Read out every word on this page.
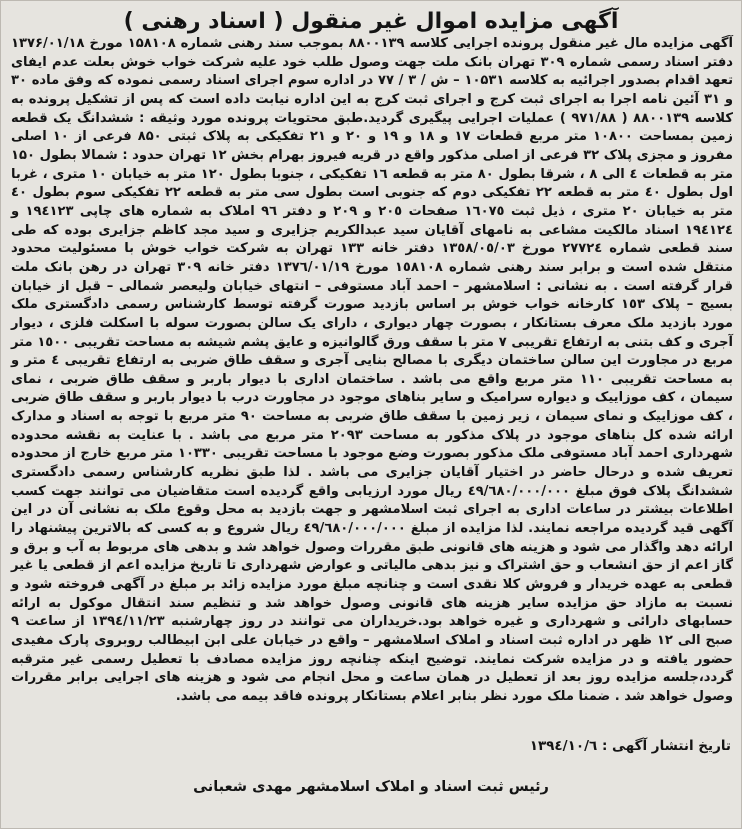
آگهی مزایده اموال غیر منقول ( اسناد رهنی )

آگهی مزایده مال غیر منقول پرونده اجرایی کلاسه ۸۸۰۰۱۳۹ بموجب سند رهنی شماره ۱۵۸۱۰۸ مورخ ۱۳۷۶/۰۱/۱۸ دفتر اسناد رسمی شماره ۳۰۹ تهران بانک ملت جهت وصول طلب خود علیه شرکت خواب خوش بعلت عدم ایفای تعهد اقدام بصدور اجرائیه به کلاسه ۱۰۵۳۱ – ش / ۳ / ۷۷ در اداره سوم اجرای اسناد رسمی نموده که وفق ماده ۳۰ و ۳۱ آئین نامه اجرا به اجرای ثبت کرج و اجرای ثبت کرج به این اداره نیابت داده است که پس از تشکیل پرونده به کلاسه ۸۸۰۰۱۳۹ ( ۹۷۱/۸۸ ) عملیات اجرایی پیگیری گردید.طبق محتویات پرونده مورد وثیقه : ششدانگ یک قطعه زمین بمساحت ۱۰۸۰۰ متر مربع قطعات ۱۷ و ۱۸ و ۱۹ و ۲۰ و ۲۱ تفکیکی به پلاک ثبتی ۸۵۰ فرعی از ۱۰ اصلی مفروز و مجزی پلاک ۳۲ فرعی از اصلی مذکور واقع در قریه فیروز بهرام بخش ۱۲ تهران حدود : شمالا بطول ۱۵۰ متر به قطعات ٤ الی ۸ ، شرقا بطول ۸۰ متر به قطعه ۱٦ تفکیکی ، جنوبا بطول ۱۲۰ متر به خیابان ۱۰ متری ، غربا اول بطول ٤۰ متر به قطعه ۲۲ تفکیکی دوم که جنوبی است بطول سی متر به قطعه ۲۲ تفکیکی سوم بطول ٤۰ متر به خیابان ۲۰ متری ، ذیل ثبت ۱٦۰۷٥ صفحات ۲۰٥ و ۲۰۹ و دفتر ۹٦ املاک به شماره های چاپی ۱۹٤۱۲۳ و ۱۹٤۱۲٤ اسناد مالکیت مشاعی به نامهای آقایان سید عبدالکریم جزایری و سید مجد کاظم جزایری بوده که طی سند قطعی شماره ۲۷۷۲٤ مورخ ۱۳٥۸/۰٥/۰۳ دفتر خانه ۱۳۳ تهران به شرکت خواب خوش با مسئولیت محدود منتقل شده است و برابر سند رهنی شماره ۱٥۸۱۰۸ مورخ ۱۳۷٦/۰۱/۱۹ دفتر خانه ۳۰۹ تهران در رهن بانک ملت قرار گرفته است . به نشانی : اسلامشهر – احمد آباد مستوفی – انتهای خیابان ولیعصر شمالی – قبل از خیابان بسیج – پلاک ۱٥۳ کارخانه خواب خوش بر اساس بازدید صورت گرفته توسط کارشناس رسمی دادگستری ملک مورد بازدید ملک معرف بستانکار ، بصورت چهار دیواری ، دارای یک سالن بصورت سوله با اسکلت فلزی ، دیوار آجری و کف بتنی به ارتفاع تقریبی ۷ متر با سقف ورق گالوانیزه و عایق پشم شیشه به مساحت تقریبی ۱٥۰۰ متر مربع در مجاورت این سالن ساختمان دیگری با مصالح بنایی آجری و سقف طاق ضربی به ارتفاع تقریبی ٤ متر و به مساحت تقریبی ۱۱۰ متر مربع واقع می باشد . ساختمان اداری با دیوار باربر و سقف طاق ضربی ، نمای سیمان ، کف موزاییک و دیواره سرامیک و سایر بناهای موجود در مجاورت درب با دیوار باربر و سقف طاق ضربی ، کف موزاییک و نمای سیمان ، زیر زمین با سقف طاق ضربی به مساحت ۹۰ متر مربع با توجه به اسناد و مدارک ارائه شده کل بناهای موجود در پلاک مذکور به مساحت ۲۰۹۳ متر مربع می باشد . با عنایت به نقشه محدوده شهرداری احمد آباد مستوفی ملک مذکور بصورت وضع موجود با مساحت تقریبی ۱۰۳۳۰ متر مربع خارج از محدوده تعریف شده و درحال حاضر در اختیار آقایان جزایری می باشد . لذا طبق نظریه کارشناس رسمی دادگستری ششدانگ پلاک فوق مبلغ ٤۹/٦۸۰/۰۰۰/۰۰۰ ریال مورد ارزیابی واقع گردیده است متقاضیان می توانند جهت کسب اطلاعات بیشتر در ساعات اداری به اجرای ثبت اسلامشهر و جهت بازدید به محل وقوع ملک به نشانی آن در این آگهی قید گردیده مراجعه نمایند. لذا مزایده از مبلغ ٤۹/٦۸۰/۰۰۰/۰۰۰ ریال شروع و به کسی که بالاترین پیشنهاد را ارائه دهد واگذار می شود و هزینه های قانونی طبق مقررات وصول خواهد شد و بدهی های مربوط به آب و برق و گاز اعم از حق انشعاب و حق اشتراک و نیز بدهی مالیاتی و عوارض شهرداری تا تاریخ مزایده اعم از قطعی یا غیر قطعی به عهده خریدار و فروش کلا نقدی است و چنانچه مبلغ مورد مزایده زائد بر مبلغ در آگهی فروخته شود و نسبت به مازاد حق مزایده سایر هزینه های قانونی وصول خواهد شد و تنظیم سند انتقال موکول به ارائه حسابهای دارائی و شهرداری و غیره خواهد بود.خریداران می توانند در روز چهارشنبه ۱۳۹٤/۱۱/۲۳ از ساعت ۹ صبح الی ۱۲ ظهر در اداره ثبت اسناد و املاک اسلامشهر – واقع در خیابان علی ابن ابیطالب روبروی پارک مفیدی حضور یافته و در مزایده شرکت نمایند. توضیح اینکه چنانچه روز مزایده مصادف با تعطیل رسمی غیر مترقبه گردد،جلسه مزایده روز بعد از تعطیل در همان ساعت و محل انجام می شود و هزینه های اجرایی برابر مقررات وصول خواهد شد . ضمنا ملک مورد نظر بنابر اعلام بستانکار پرونده فاقد بیمه می باشد.

تاریخ انتشار آگهی : ۱۳۹٤/۱۰/٦
رئیس ثبت اسناد و املاک اسلامشهر مهدی شعبانی
